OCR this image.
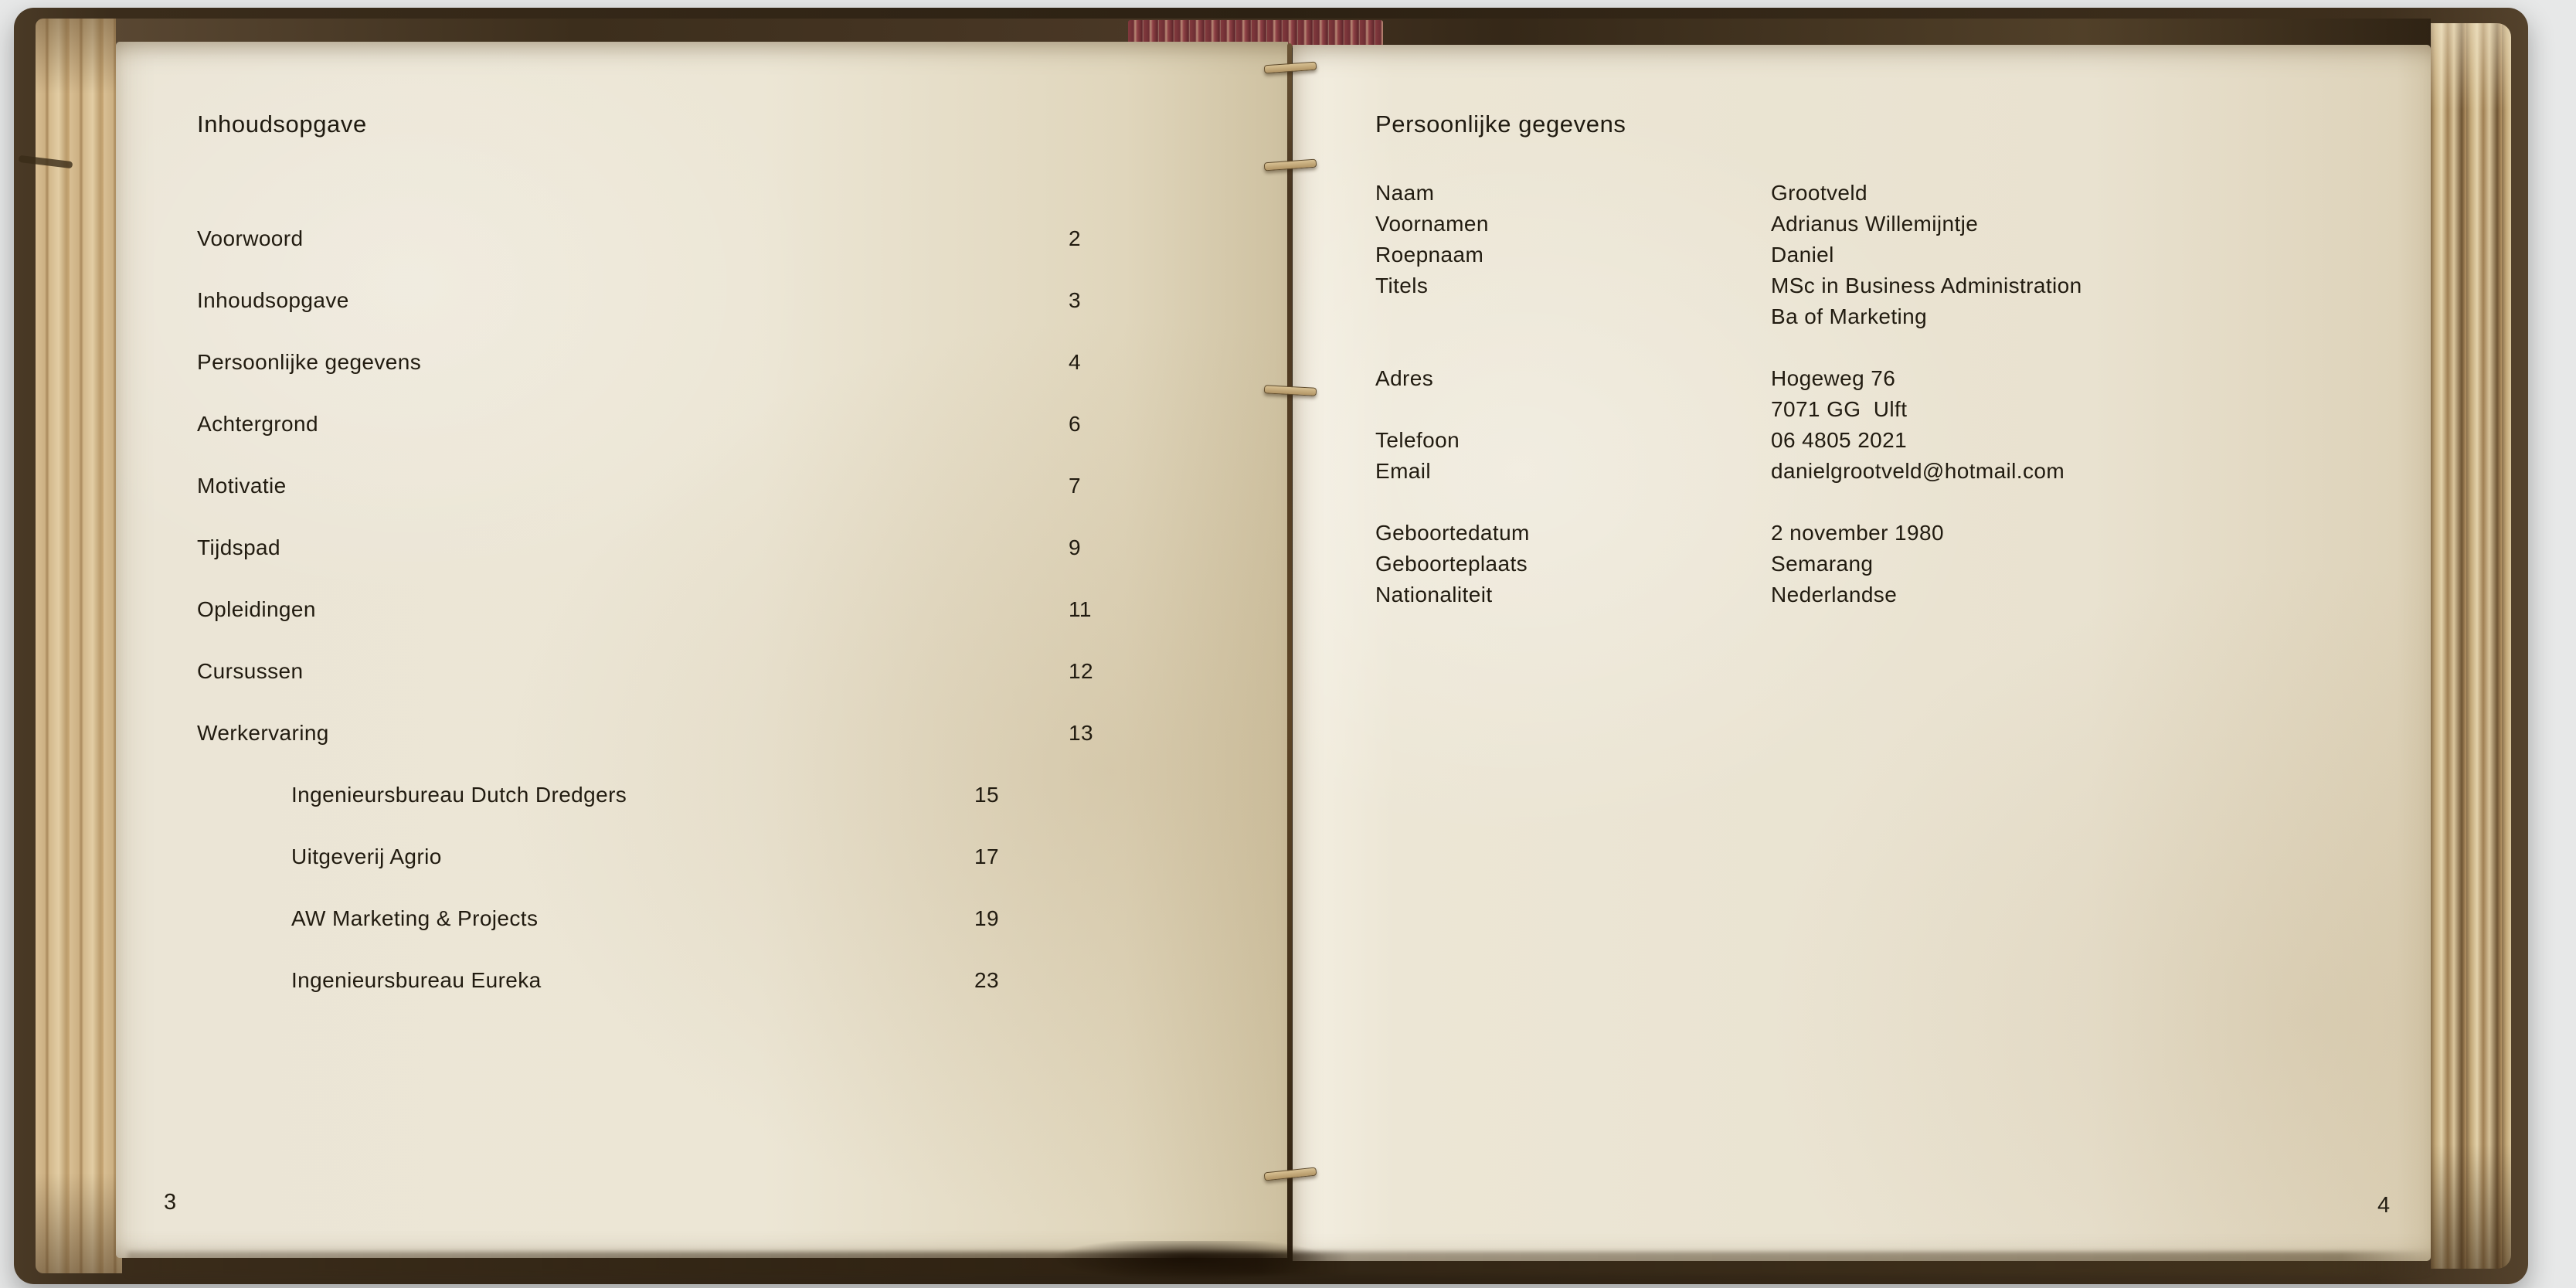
Inhoudsopgave
Voorwoord	2
Inhoudsopgave	3
Persoonlijke gegevens	4
Achtergrond	6
Motivatie	7
Tijdspad	9
Opleidingen	11
Cursussen	12
Werkervaring	13
Ingenieursbureau Dutch Dredgers	15
Uitgeverij Agrio	17
AW Marketing & Projects	19
Ingenieursbureau Eureka	23
3
Persoonlijke gegevens
Naam	Grootveld
Voornamen	Adrianus Willemijntje
Roepnaam	Daniel
Titels	MSc in Business Administration
Ba of Marketing
Adres	Hogeweg 76
7071 GG  Ulft
Telefoon	06 4805 2021
Email	danielgrootveld@hotmail.com
Geboortedatum	2 november 1980
Geboorteplaats	Semarang
Nationaliteit	Nederlandse
4
